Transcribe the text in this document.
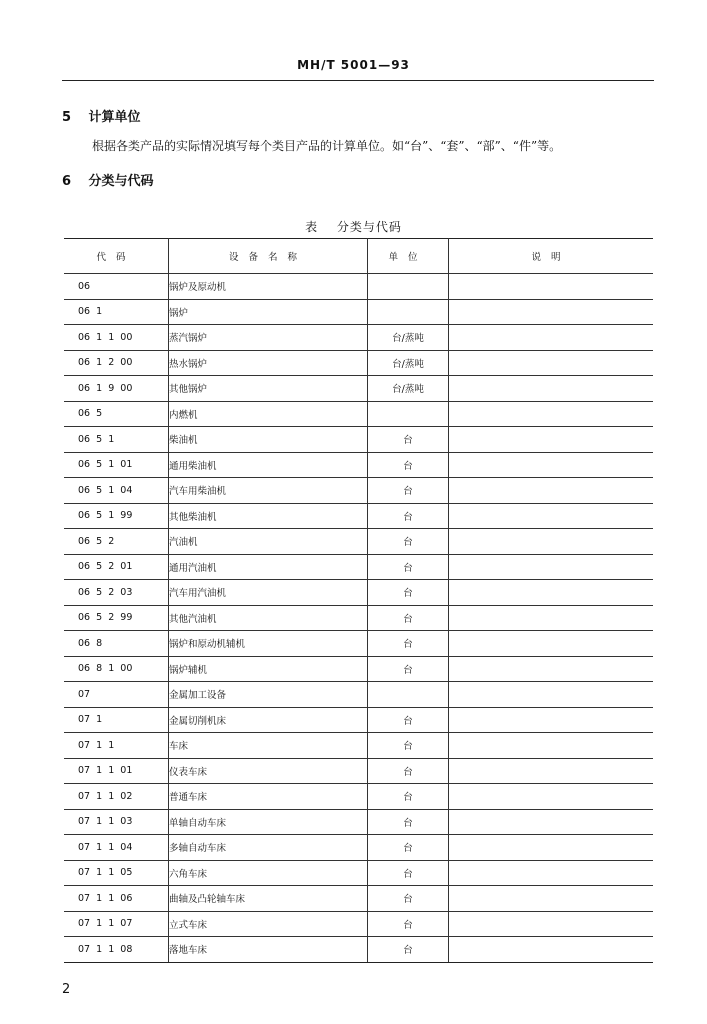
MH/T 5001—93
5 计算单位
根据各类产品的实际情况填写每个类目产品的计算单位。如“台”、“套”、“部”、“件”等。
6 分类与代码
表 分类与代码
代码	设备名称	单位	说明
06	锅炉及原动机		
06  1	锅炉		
06  1  1  00	蒸汽锅炉	台/蒸吨	
06  1  2  00	热水锅炉	台/蒸吨	
06  1  9  00	其他锅炉	台/蒸吨	
06  5	内燃机		
06  5  1	柴油机	台	
06  5  1  01	通用柴油机	台	
06  5  1  04	汽车用柴油机	台	
06  5  1  99	其他柴油机	台	
06  5  2	汽油机	台	
06  5  2  01	通用汽油机	台	
06  5  2  03	汽车用汽油机	台	
06  5  2  99	其他汽油机	台	
06  8	锅炉和原动机辅机	台	
06  8  1  00	锅炉辅机	台	
07	金属加工设备		
07  1	金属切削机床	台	
07  1  1	车床	台	
07  1  1  01	仪表车床	台	
07  1  1  02	普通车床	台	
07  1  1  03	单轴自动车床	台	
07  1  1  04	多轴自动车床	台	
07  1  1  05	六角车床	台	
07  1  1  06	曲轴及凸轮轴车床	台	
07  1  1  07	立式车床	台	
07  1  1  08	落地车床	台	
2
